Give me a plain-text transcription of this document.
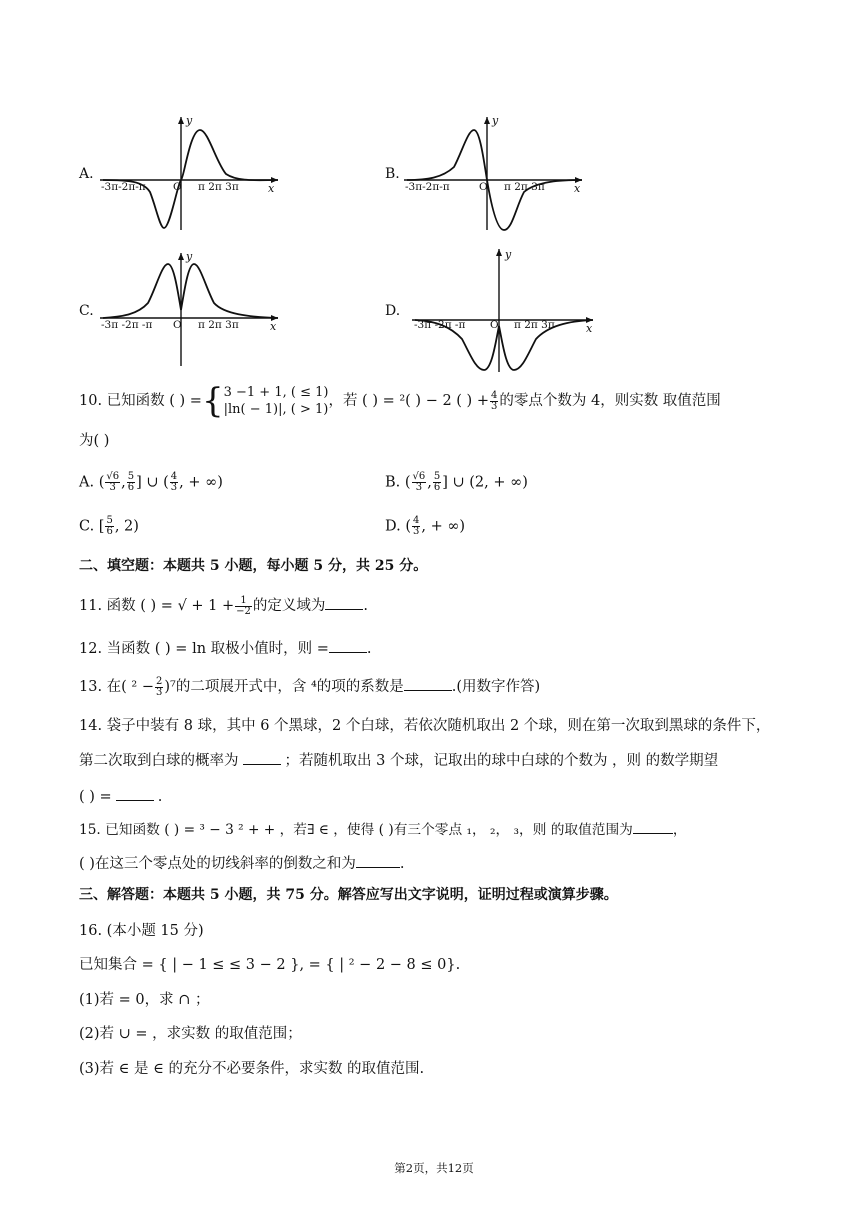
A.
-3π-2π-π	O π 2π 3π	x
y
B.
-3π-2π-π	O π 2π 3π	x
y
C.
-3π -2π -π O π 2π 3π	x
y
D.
-3π -2π -π O π 2π 3π	x
y
10. 已知函数 ( ) ={ 3 −1 + 1, ( ≤ 1)
|ln( − 1)|, ( > 1)
，若 ( ) = ²( ) − 2 ( ) + $\frac{4}{3}$ 的零点个数为 4，则实数 取值范围
为( )
A. ( $\frac{√6}{3}$ , $\frac{5}{6}$ ] ∪ ( $\frac{4}{3}$ , + ∞)	B. ( $\frac{√6}{3}$ , $\frac{5}{6}$ ] ∪ (2, + ∞)
C. [ $\frac{5}{6}$ , 2)	D. ( $\frac{4}{3}$ , + ∞)
二、填空题：本题共 5 小题，每小题 5 分，共 25 分。
11. 函数 ( ) = √ + $1 + \frac{1}{-2}$ 的定义域为	.
12. 当函数 ( ) = ln 取极小值时，则 =	.
13. 在( $^2 - \frac{2}{3} )^7$的二项展开式中，含 ⁴的项的系数是	.(用数字作答)
14. 袋子中装有 8 球，其中 6 个黑球，2 个白球，若依次随机取出 2 个球，则在第一次取到黑球的条件下，
第二次取到白球的概率为	；若随机取出 3 个球，记取出的球中白球的个数为 ，则 的数学期望
( ) =	.
15. 已知函数 ( ) = ³ − 3 ² + + ，若∃ ∈ ，使得 ( )有三个零点 ₁， ₂， ₃，则 的取值范围为	，
( )在这三个零点处的切线斜率的倒数之和为	.
三、解答题：本题共 5 小题，共 75 分。解答应写出文字说明，证明过程或演算步骤。
16. (本小题 15 分)
已知集合 = { | − 1 ≤ ≤ 3 − 2 }, = { | ² − 2 − 8 ≤ 0}.
(1)若 = 0，求 ∩ ；
(2)若 ∪ = ，求实数 的取值范围；
(3)若 ∈ 是 ∈ 的充分不必要条件，求实数 的取值范围.
第2页，共12页
